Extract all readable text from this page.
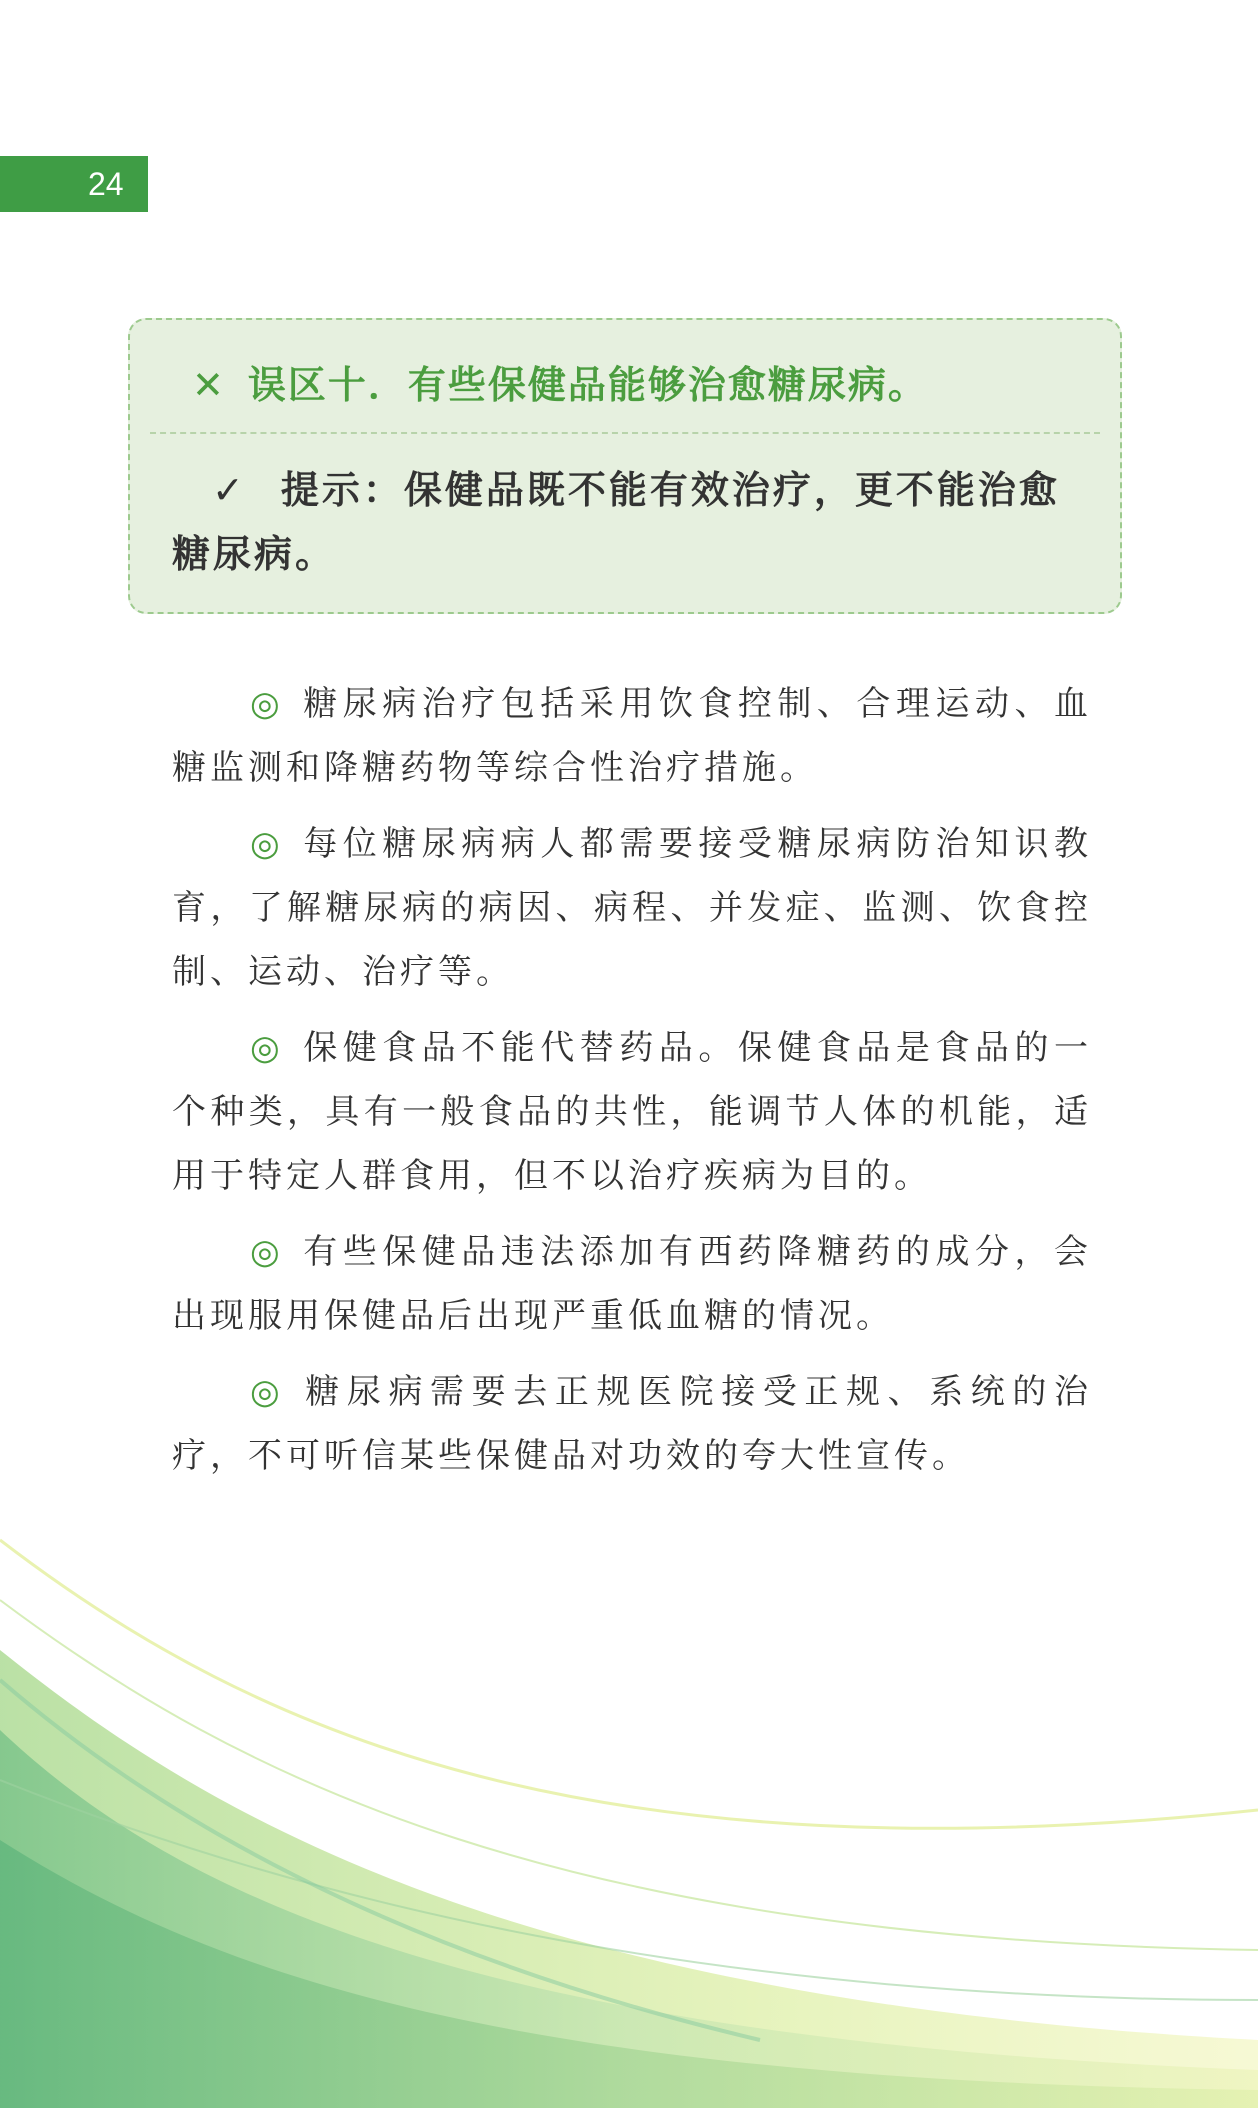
24
✕ 误区十．有些保健品能够治愈糖尿病。
✓ 提示：保健品既不能有效治疗，更不能治愈糖尿病。

◎ 糖尿病治疗包括采用饮食控制、合理运动、血糖监测和降糖药物等综合性治疗措施。

◎ 每位糖尿病病人都需要接受糖尿病防治知识教育，了解糖尿病的病因、病程、并发症、监测、饮食控制、运动、治疗等。

◎ 保健食品不能代替药品。保健食品是食品的一个种类，具有一般食品的共性，能调节人体的机能，适用于特定人群食用，但不以治疗疾病为目的。

◎ 有些保健品违法添加有西药降糖药的成分，会出现服用保健品后出现严重低血糖的情况。

◎ 糖尿病需要去正规医院接受正规、系统的治疗，不可听信某些保健品对功效的夸大性宣传。
